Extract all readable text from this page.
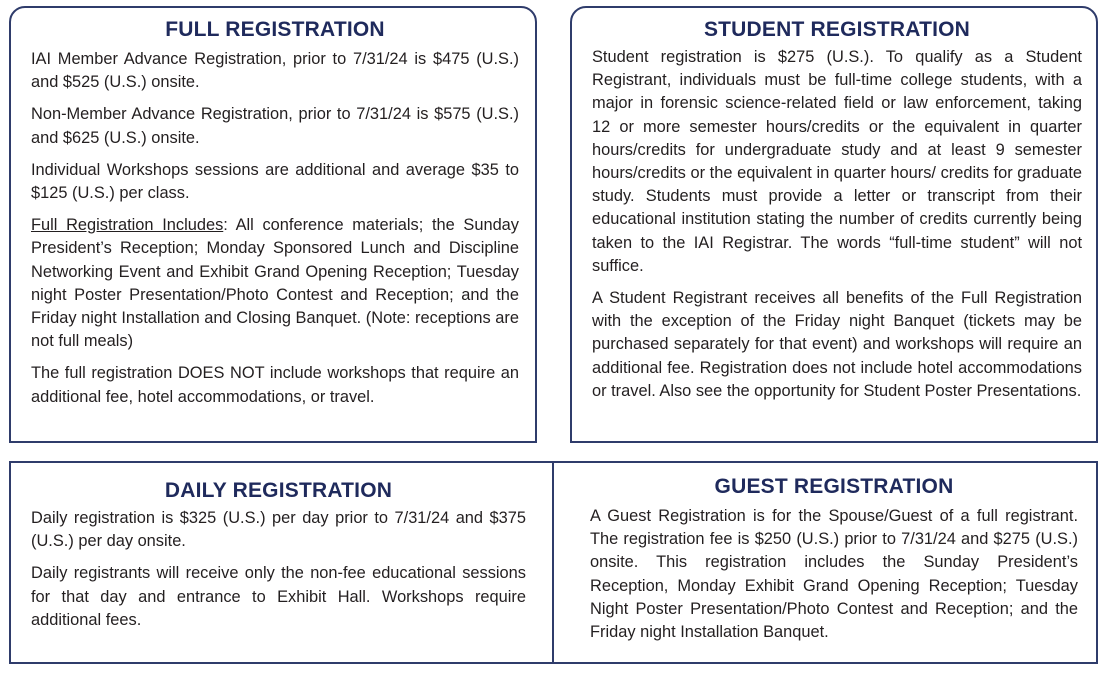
FULL REGISTRATION

IAI Member Advance Registration, prior to 7/31/24 is $475 (U.S.) and $525 (U.S.) onsite.

Non-Member Advance Registration, prior to 7/31/24 is $575 (U.S.) and $625 (U.S.) onsite.

Individual Workshops sessions are additional and average $35 to $125 (U.S.) per class.

Full Registration Includes: All conference materials; the Sunday President’s Reception; Monday Sponsored Lunch and Discipline Networking Event and Exhibit Grand Opening Reception; Tuesday night Poster Presentation/Photo Contest and Reception; and the Friday night Installation and Closing Banquet. (Note: receptions are not full meals)

The full registration DOES NOT include workshops that require an additional fee, hotel accommodations, or travel.

STUDENT REGISTRATION

Student registration is $275 (U.S.). To qualify as a Student Registrant, individuals must be full-time college students, with a major in forensic science-related field or law enforcement, taking 12 or more semester hours/credits or the equivalent in quarter hours/credits for undergraduate study and at least 9 semester hours/credits or the equivalent in quarter hours/ credits for graduate study. Students must provide a letter or transcript from their educational institution stating the number of credits currently being taken to the IAI Registrar. The words “full-time student” will not suffice.

A Student Registrant receives all benefits of the Full Registration with the exception of the Friday night Banquet (tickets may be purchased separately for that event) and workshops will require an additional fee. Registration does not include hotel accommodations or travel. Also see the opportunity for Student Poster Presentations.

DAILY REGISTRATION

Daily registration is $325 (U.S.) per day prior to 7/31/24 and $375 (U.S.) per day onsite.

Daily registrants will receive only the non-fee educational sessions for that day and entrance to Exhibit Hall. Workshops require additional fees.

GUEST REGISTRATION

A Guest Registration is for the Spouse/Guest of a full registrant. The registration fee is $250 (U.S.) prior to 7/31/24 and $275 (U.S.) onsite. This registration includes the Sunday President’s Reception, Monday Exhibit Grand Opening Reception; Tuesday Night Poster Presentation/Photo Contest and Reception; and the Friday night Installation Banquet.
